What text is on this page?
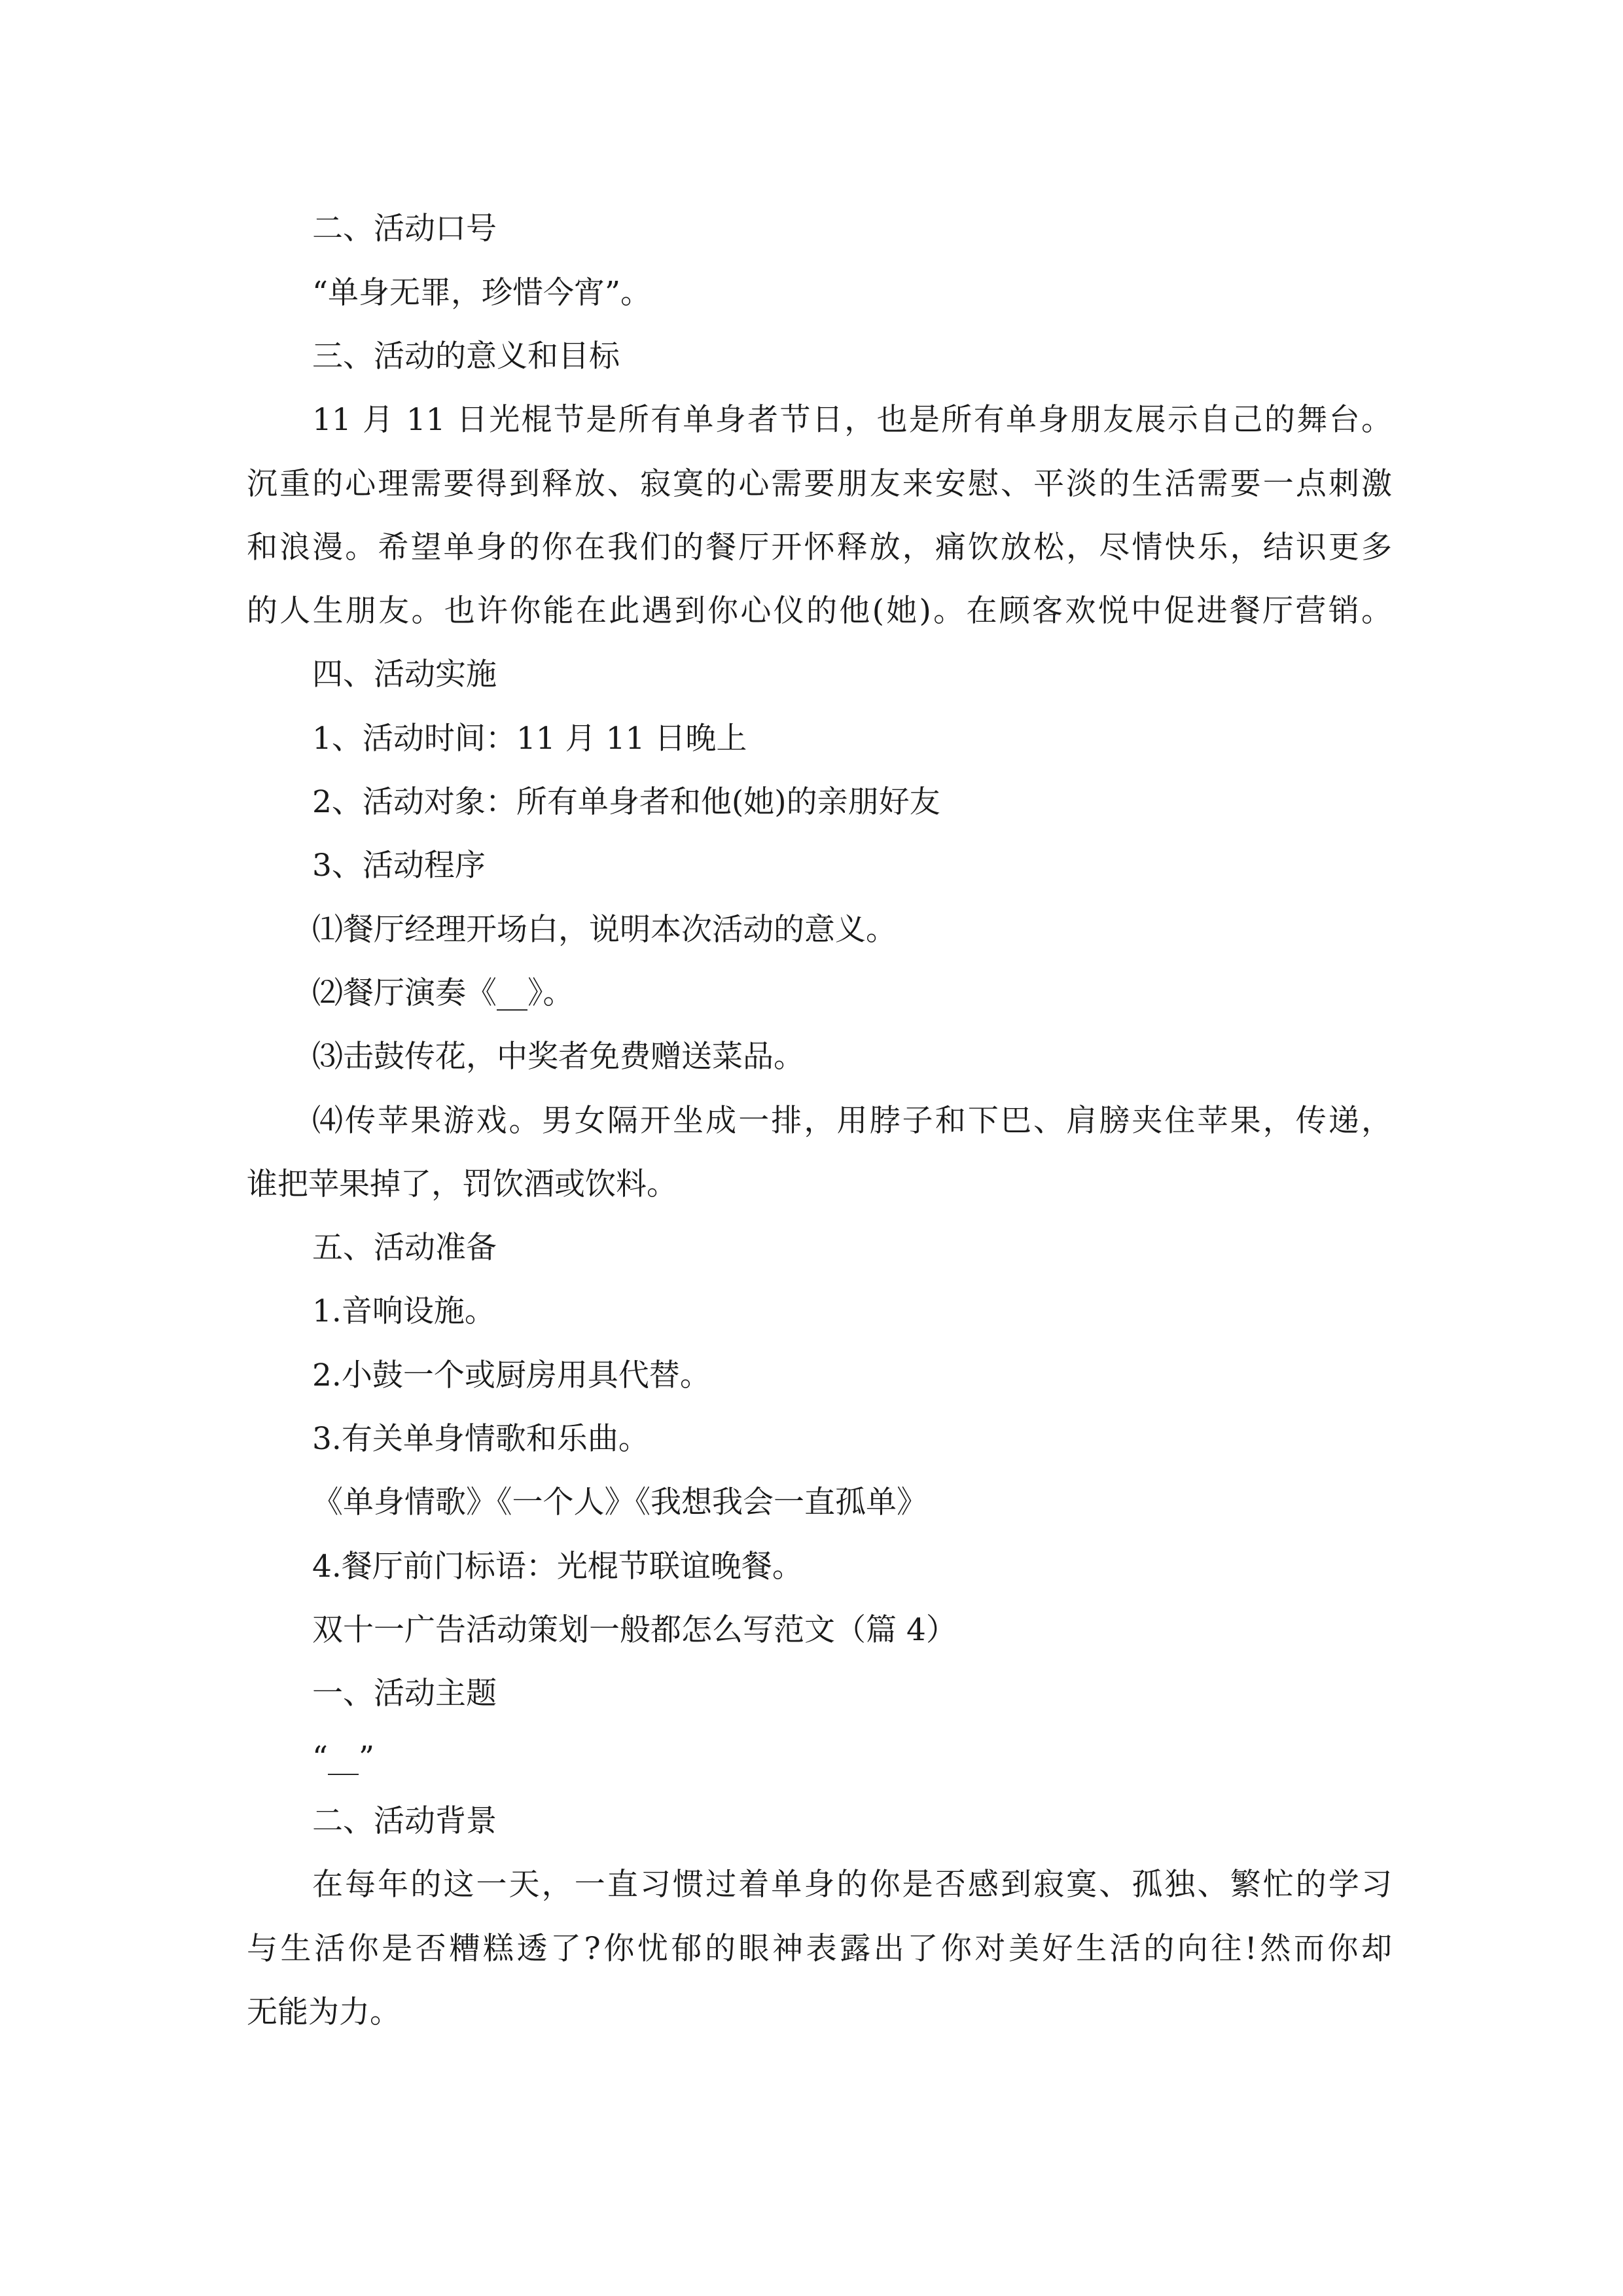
二、活动口号
“单身无罪，珍惜今宵”。
三、活动的意义和目标
11 月 11 日光棍节是所有单身者节日，也是所有单身朋友展示自己的舞台。
沉重的心理需要得到释放、寂寞的心需要朋友来安慰、平淡的生活需要一点刺激
和浪漫。希望单身的你在我们的餐厅开怀释放，痛饮放松，尽情快乐，结识更多
的人生朋友。也许你能在此遇到你心仪的他(她)。在顾客欢悦中促进餐厅营销。
四、活动实施
1、活动时间：11 月 11 日晚上
2、活动对象：所有单身者和他(她)的亲朋好友
3、活动程序
⑴餐厅经理开场白，说明本次活动的意义。
⑵餐厅演奏《__》。
⑶击鼓传花，中奖者免费赠送菜品。
⑷传苹果游戏。男女隔开坐成一排，用脖子和下巴、肩膀夹住苹果，传递，
谁把苹果掉了，罚饮酒或饮料。
五、活动准备
1.音响设施。
2.小鼓一个或厨房用具代替。
3.有关单身情歌和乐曲。
《单身情歌》《一个人》《我想我会一直孤单》
4.餐厅前门标语：光棍节联谊晚餐。
双十一广告活动策划一般都怎么写范文（篇 4）
一、活动主题
“__”
二、活动背景
在每年的这一天，一直习惯过着单身的你是否感到寂寞、孤独、繁忙的学习
与生活你是否糟糕透了?你忧郁的眼神表露出了你对美好生活的向往!然而你却
无能为力。
